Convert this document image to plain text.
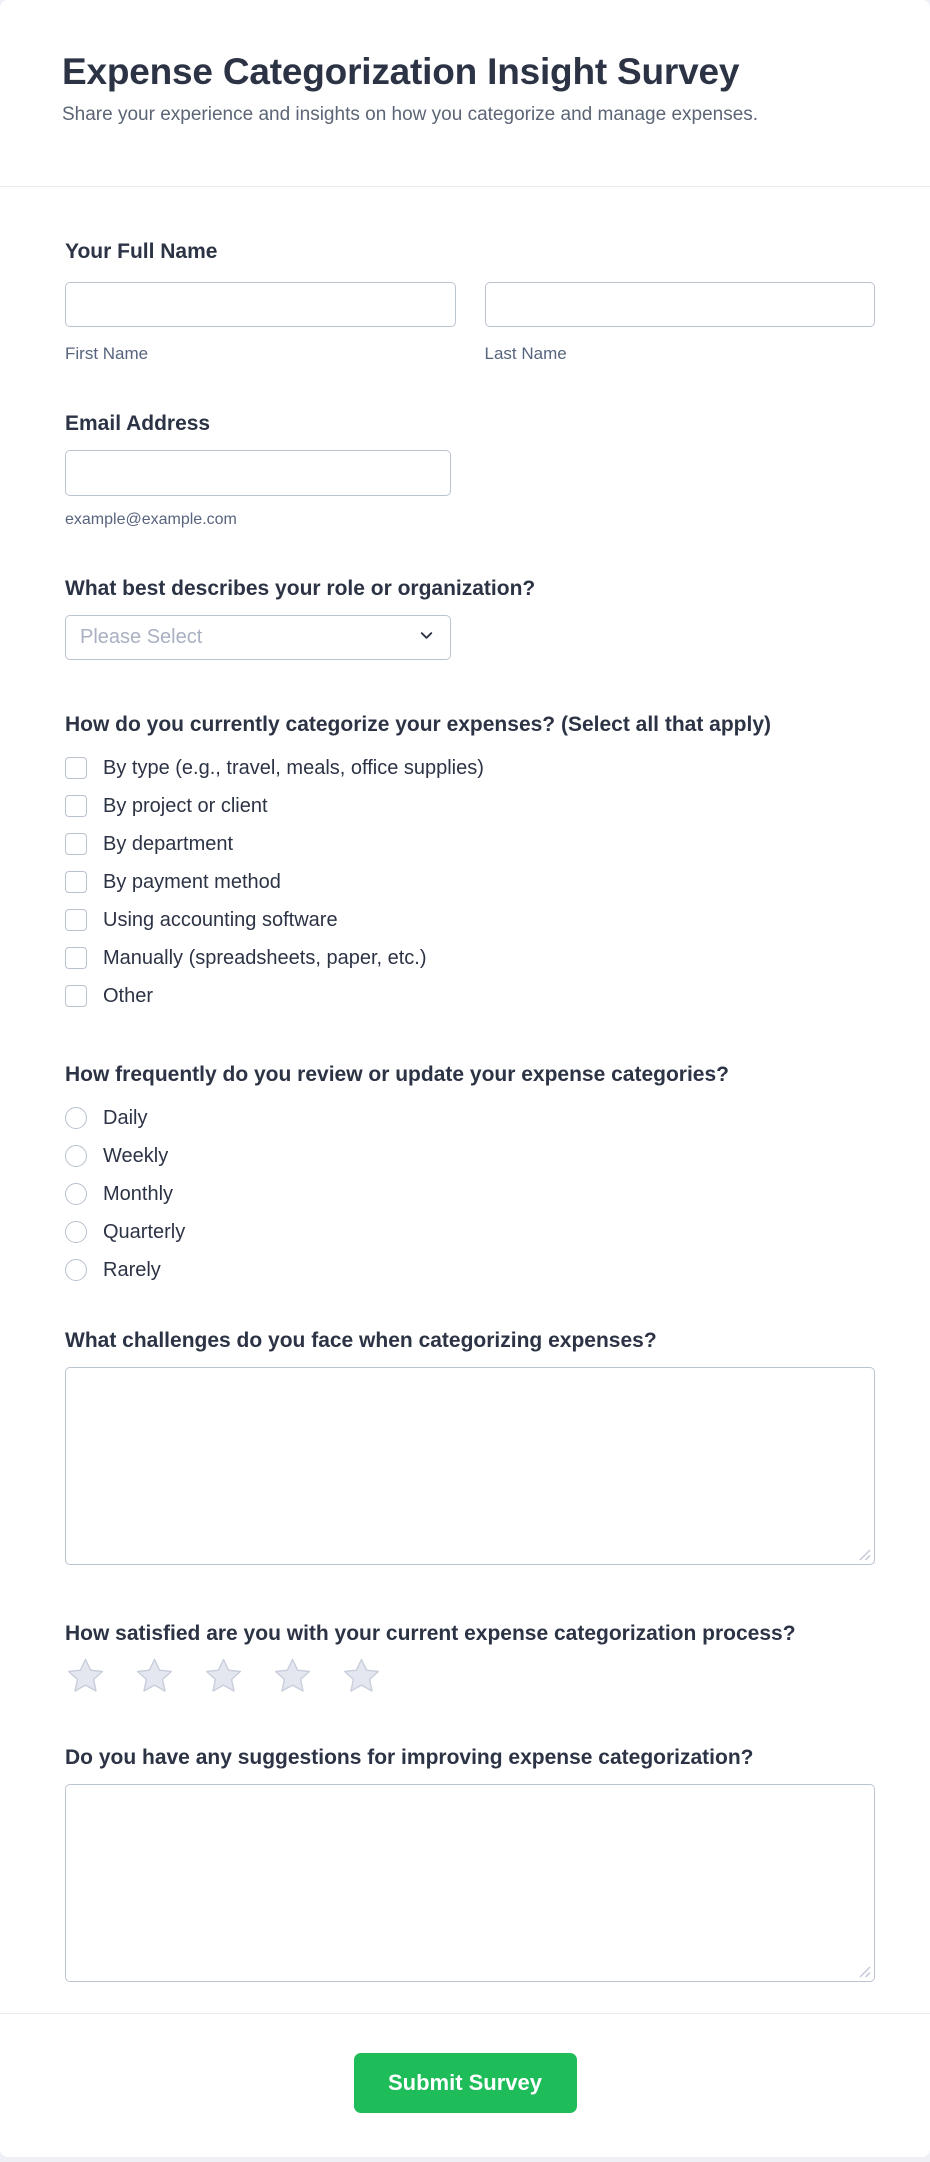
Expense Categorization Insight Survey

Share your experience and insights on how you categorize and manage expenses.

Your Full Name
First Name	Last Name
Email Address
example@example.com
What best describes your role or organization?
Please Select
How do you currently categorize your expenses? (Select all that apply)
By type (e.g., travel, meals, office supplies)
By project or client
By department
By payment method
Using accounting software
Manually (spreadsheets, paper, etc.)
Other
How frequently do you review or update your expense categories?
Daily
Weekly
Monthly
Quarterly
Rarely
What challenges do you face when categorizing expenses?
How satisfied are you with your current expense categorization process?
Do you have any suggestions for improving expense categorization?
Submit Survey
